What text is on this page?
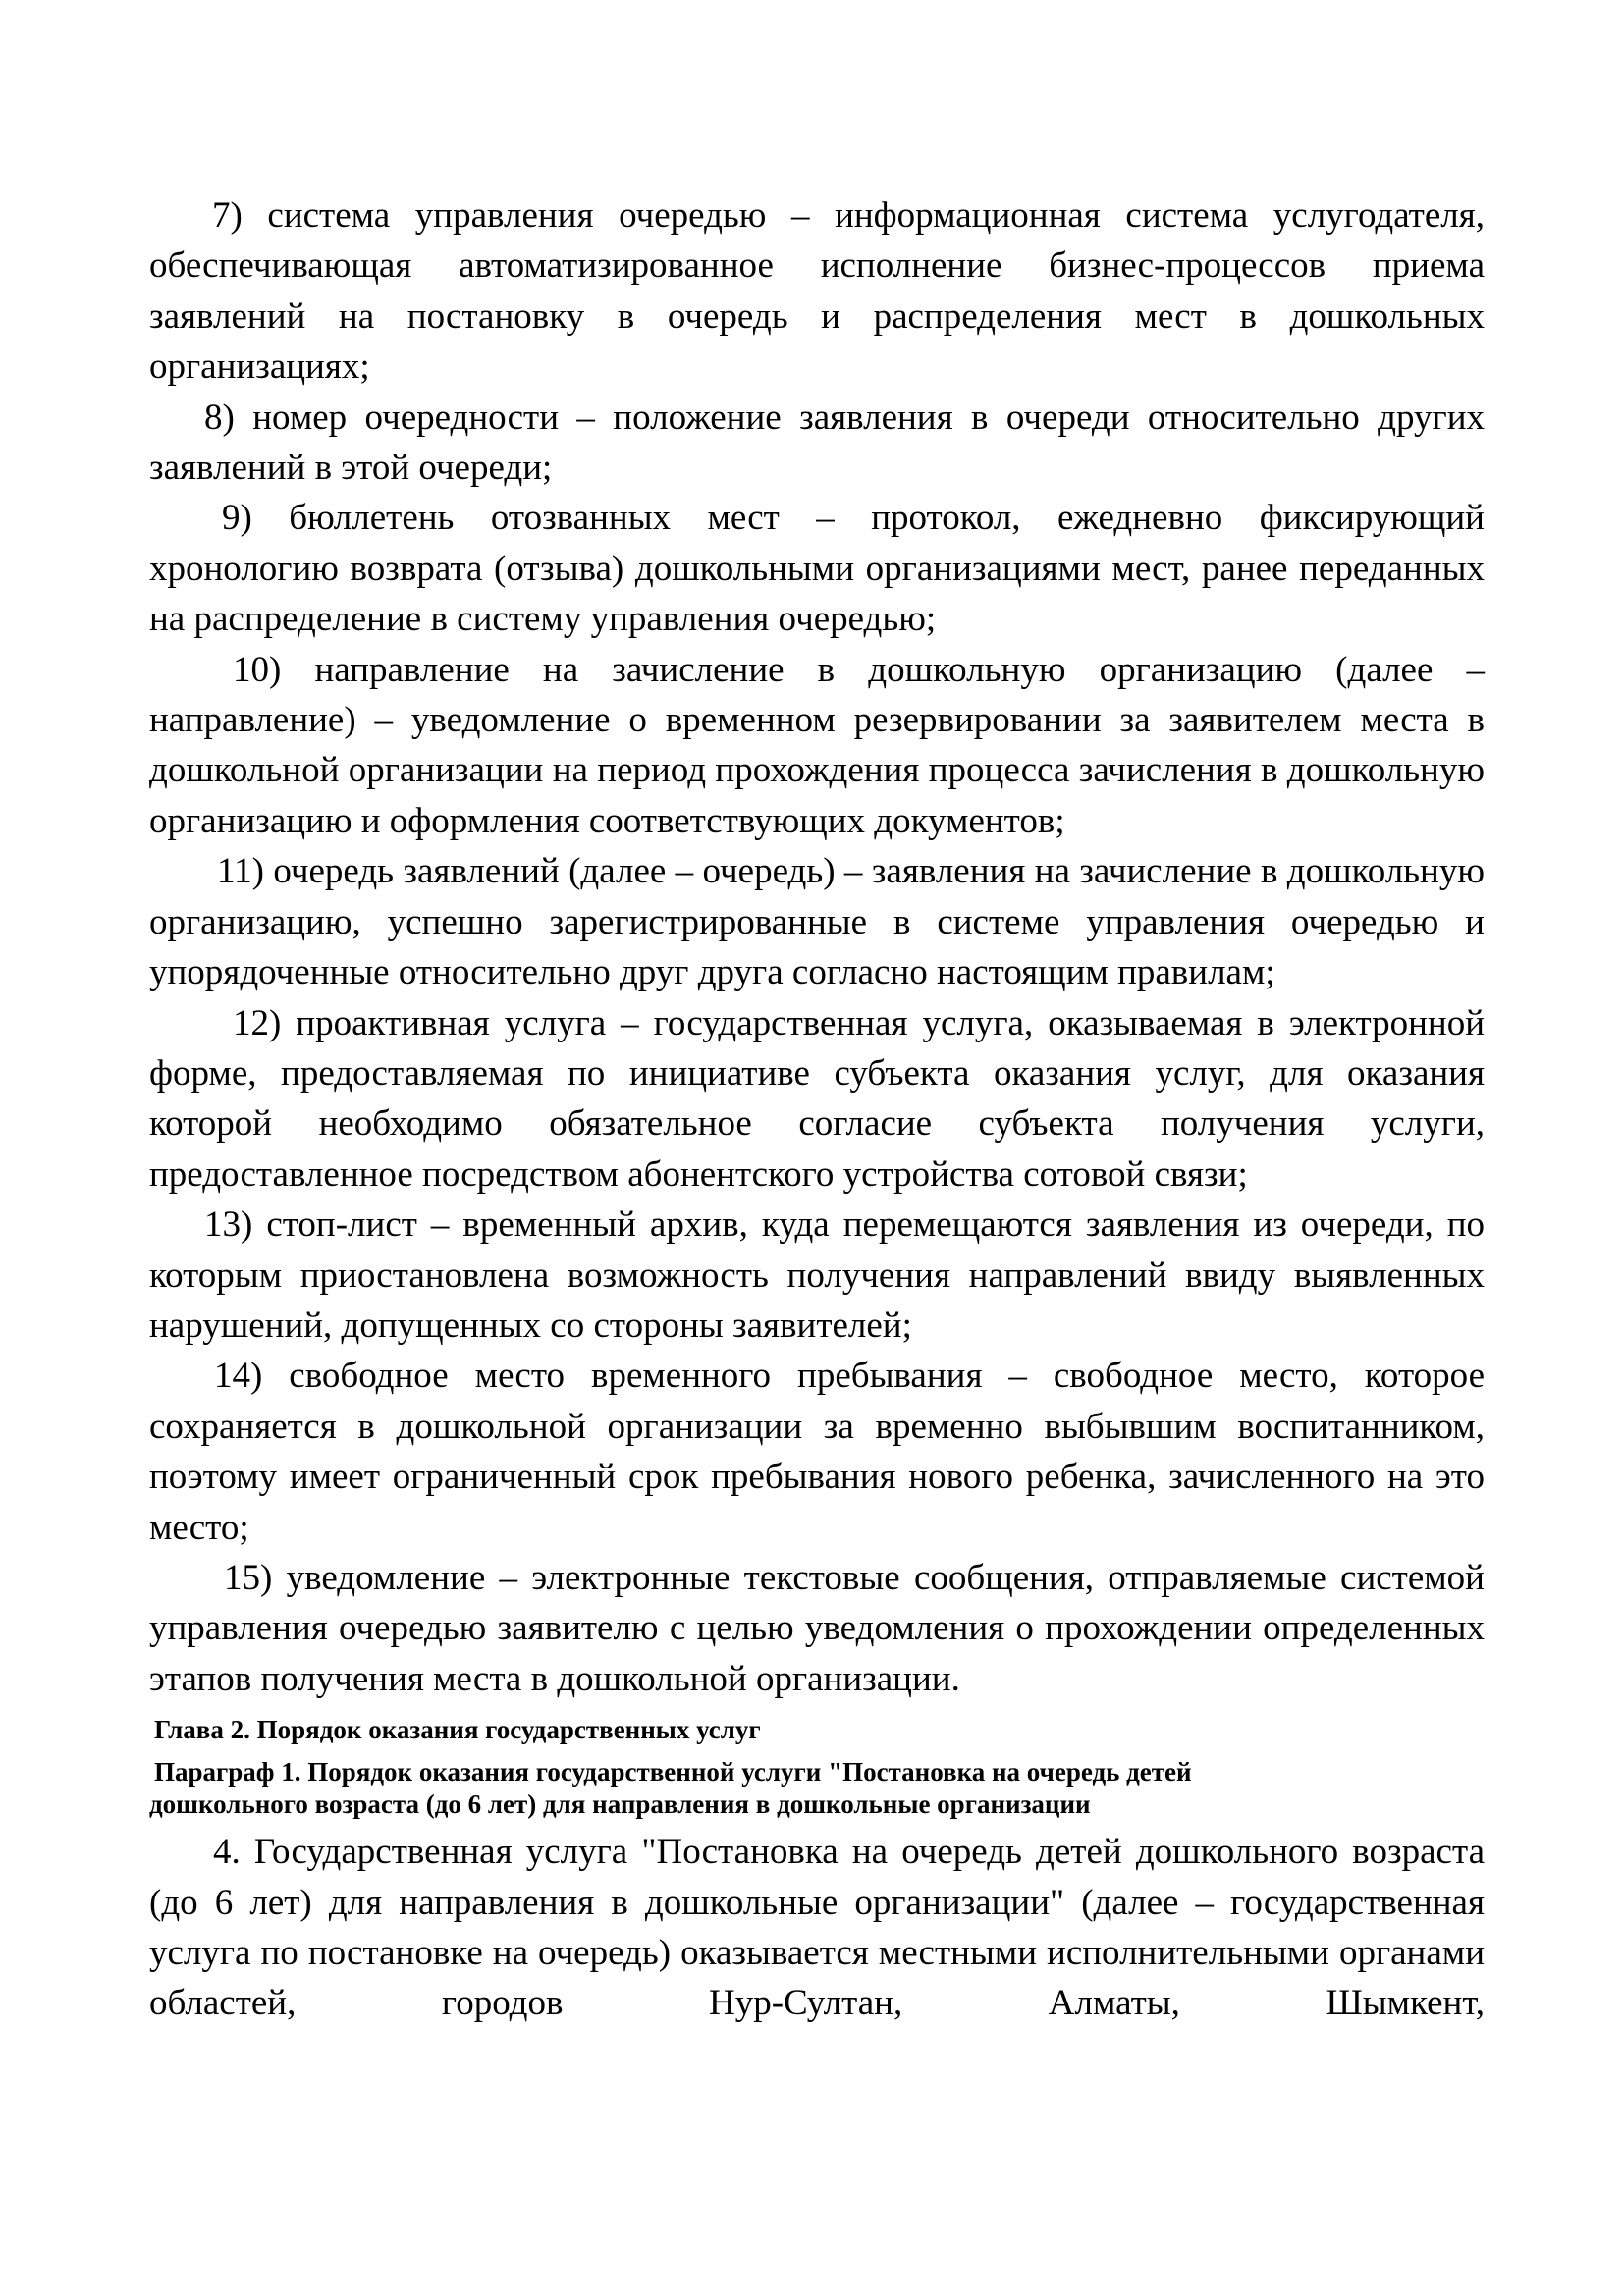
7) система управления очередью – информационная система услугодателя, обеспечивающая автоматизированное исполнение бизнес-процессов приема заявлений на постановку в очередь и распределения мест в дошкольных организациях;

8) номер очередности – положение заявления в очереди относительно других заявлений в этой очереди;

9) бюллетень отозванных мест – протокол, ежедневно фиксирующий хронологию возврата (отзыва) дошкольными организациями мест, ранее переданных на распределение в систему управления очередью;

10) направление на зачисление в дошкольную организацию (далее – направление) – уведомление о временном резервировании за заявителем места в дошкольной организации на период прохождения процесса зачисления в дошкольную организацию и оформления соответствующих документов;

11) очередь заявлений (далее – очередь) – заявления на зачисление в дошкольную организацию, успешно зарегистрированные в системе управления очередью и упорядоченные относительно друг друга согласно настоящим правилам;

12) проактивная услуга – государственная услуга, оказываемая в электронной форме, предоставляемая по инициативе субъекта оказания услуг, для оказания которой необходимо обязательное согласие субъекта получения услуги, предоставленное посредством абонентского устройства сотовой связи;

13) стоп-лист – временный архив, куда перемещаются заявления из очереди, по которым приостановлена возможность получения направлений ввиду выявленных нарушений, допущенных со стороны заявителей;

14) свободное место временного пребывания – свободное место, которое сохраняется в дошкольной организации за временно выбывшим воспитанником, поэтому имеет ограниченный срок пребывания нового ребенка, зачисленного на это место;

15) уведомление – электронные текстовые сообщения, отправляемые системой управления очередью заявителю с целью уведомления о прохождении определенных этапов получения места в дошкольной организации.

Глава 2. Порядок оказания государственных услуг

Параграф 1. Порядок оказания государственной услуги "Постановка на очередь детей

дошкольного возраста (до 6 лет) для направления в дошкольные организации

4. Государственная услуга "Постановка на очередь детей дошкольного возраста (до 6 лет) для направления в дошкольные организации" (далее – государственная услуга по постановке на очередь) оказывается местными исполнительными органами областей, городов Нур-Султан, Алматы, Шымкент,
